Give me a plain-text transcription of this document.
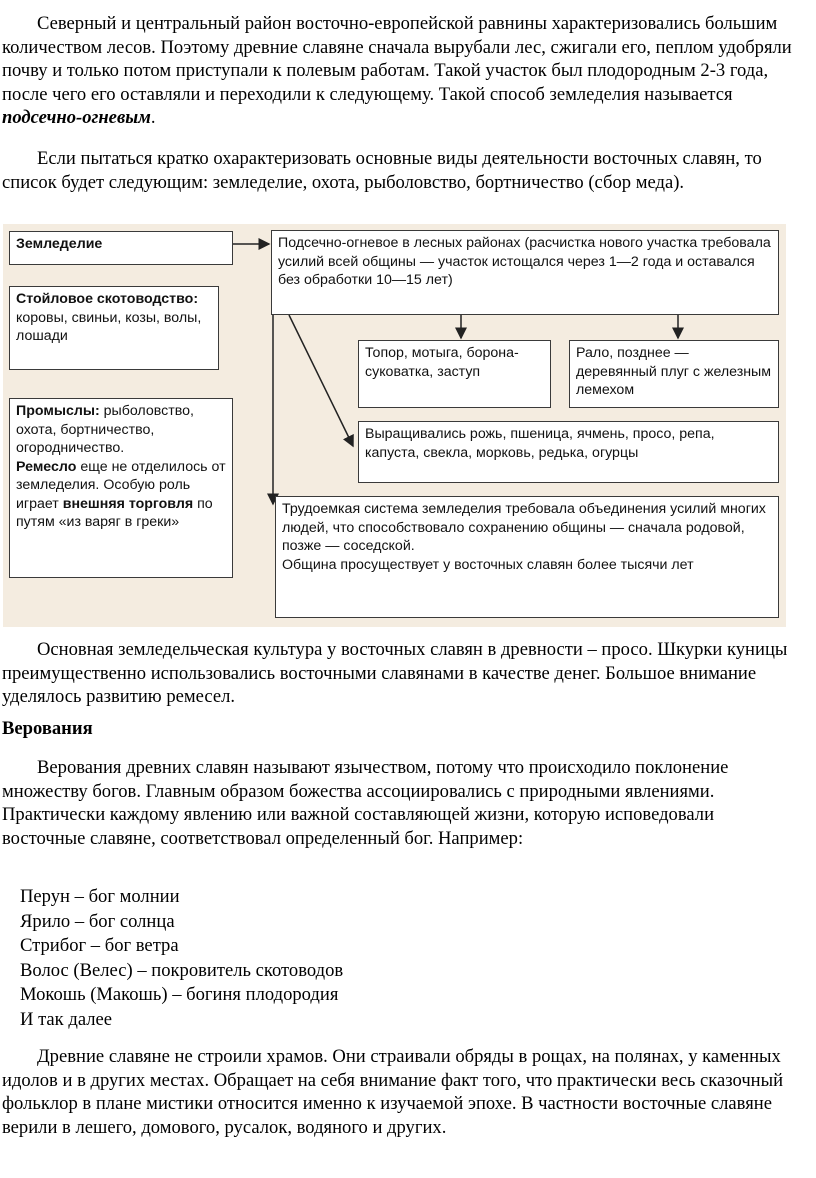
Северный и центральный район восточно-европейской равнины характеризовались большим количеством лесов. Поэтому древние славяне сначала вырубали лес, сжигали его, пеплом удобряли почву и только потом приступали к полевым работам. Такой участок был плодородным 2-3 года, после чего его оставляли и переходили к следующему. Такой способ земледелия называется подсечно-огневым.

Если пытаться кратко охарактеризовать основные виды деятельности восточных славян, то список будет следующим: земледелие, охота, рыболовство, бортничество (сбор меда).

Земледелие
Стойловое скотоводство:
коровы, свиньи, козы, волы, лошади
Промыслы: рыболовство, охота, бортничество, огородничество.
Ремесло еще не отделилось от земледелия. Особую роль играет внешняя торговля по путям «из варяг в греки»
Подсечно-огневое в лесных районах (расчистка нового участка требовала усилий всей общины — участок истощался через 1—2 года и оставался без обработки 10—15 лет)
Топор, мотыга, борона-суковатка, заступ
Рало, позднее — деревянный плуг с железным лемехом
Выращивались рожь, пшеница, ячмень, просо, репа, капуста, свекла, морковь, редька, огурцы
Трудоемкая система земледелия требовала объединения усилий многих людей, что способствовало сохранению общины — сначала родовой, позже — соседской.
Община просуществует у восточных славян более тысячи лет

Основная земледельческая культура у восточных славян в древности – просо. Шкурки куницы преимущественно использовались восточными славянами в качестве денег. Большое внимание уделялось развитию ремесел.

Верования

Верования древних славян называют язычеством, потому что происходило поклонение множеству богов. Главным образом божества ассоциировались с природными явлениями. Практически каждому явлению или важной составляющей жизни, которую исповедовали восточные славяне, соответствовал определенный бог. Например:

Перун – бог молнии
Ярило – бог солнца
Стрибог – бог ветра
Волос (Велес) – покровитель скотоводов
Мокошь (Макошь) – богиня плодородия
И так далее

Древние славяне не строили храмов. Они страивали обряды в рощах, на полянах, у каменных идолов и в других местах. Обращает на себя внимание факт того, что практически весь сказочный фольклор в плане мистики относится именно к изучаемой эпохе. В частности восточные славяне верили в лешего, домового, русалок, водяного и других.
